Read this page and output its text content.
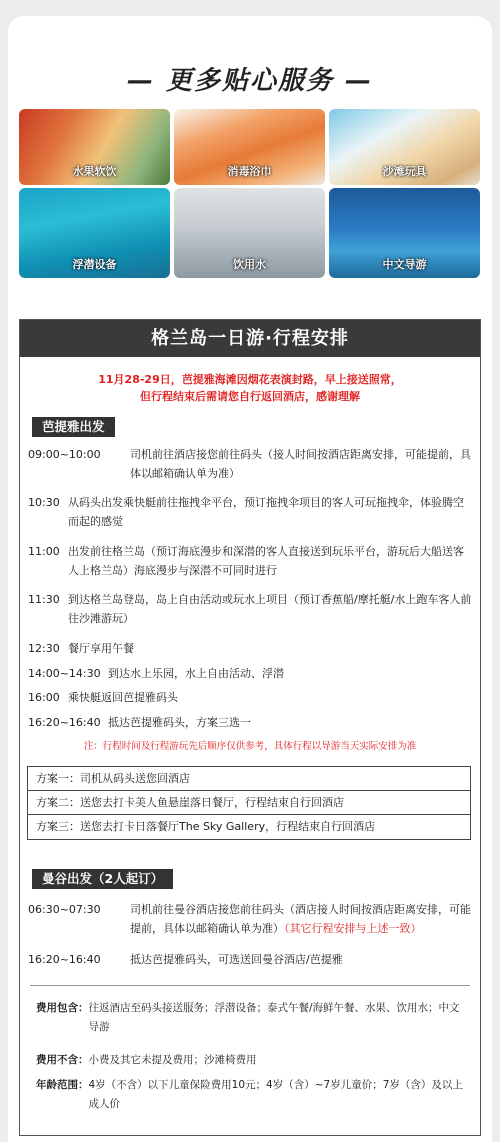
— 更多贴心服务 —
水果软饮	消毒浴巾	沙滩玩具
浮潜设备	饮用水	中文导游
格兰岛一日游·行程安排
11月28-29日，芭提雅海滩因烟花表演封路，早上接送照常，
但行程结束后需请您自行返回酒店，感谢理解
芭提雅出发
09:00~10:00	司机前往酒店接您前往码头（接人时间按酒店距离安排，可能提前，具体以邮箱确认单为准）
10:30 从码头出发乘快艇前往拖拽伞平台，预订拖拽伞项目的客人可玩拖拽伞，体验腾空而起的感觉
11:00 出发前往格兰岛（预订海底漫步和深潜的客人直接送到玩乐平台，游玩后大船送客人上格兰岛）海底漫步与深潜不可同时进行
11:30 到达格兰岛登岛，岛上自由活动或玩水上项目（预订香蕉船/摩托艇/水上跑车客人前往沙滩游玩）
12:30 餐厅享用午餐
14:00~14:30 到达水上乐园，水上自由活动、浮潜
16:00 乘快艇返回芭提雅码头
16:20~16:40 抵达芭提雅码头，方案三选一
注：行程时间及行程游玩先后顺序仅供参考，具体行程以导游当天实际安排为准
方案一：司机从码头送您回酒店
方案二：送您去打卡美人鱼悬崖落日餐厅，行程结束自行回酒店
方案三：送您去打卡日落餐厅The Sky Gallery，行程结束自行回酒店
曼谷出发（2人起订）
06:30~07:30	司机前往曼谷酒店接您前往码头（酒店接人时间按酒店距离安排，可能提前，具体以邮箱确认单为准）（其它行程安排与上述一致）
16:20~16:40	抵达芭提雅码头，可选送回曼谷酒店/芭提雅
费用包含： 往返酒店至码头接送服务；浮潜设备；泰式午餐/海鲜午餐、水果、饮用水；中文导游
费用不含： 小费及其它未提及费用；沙滩椅费用
年龄范围： 4岁（不含）以下儿童保险费用10元；4岁（含）~7岁儿童价；7岁（含）及以上成人价
